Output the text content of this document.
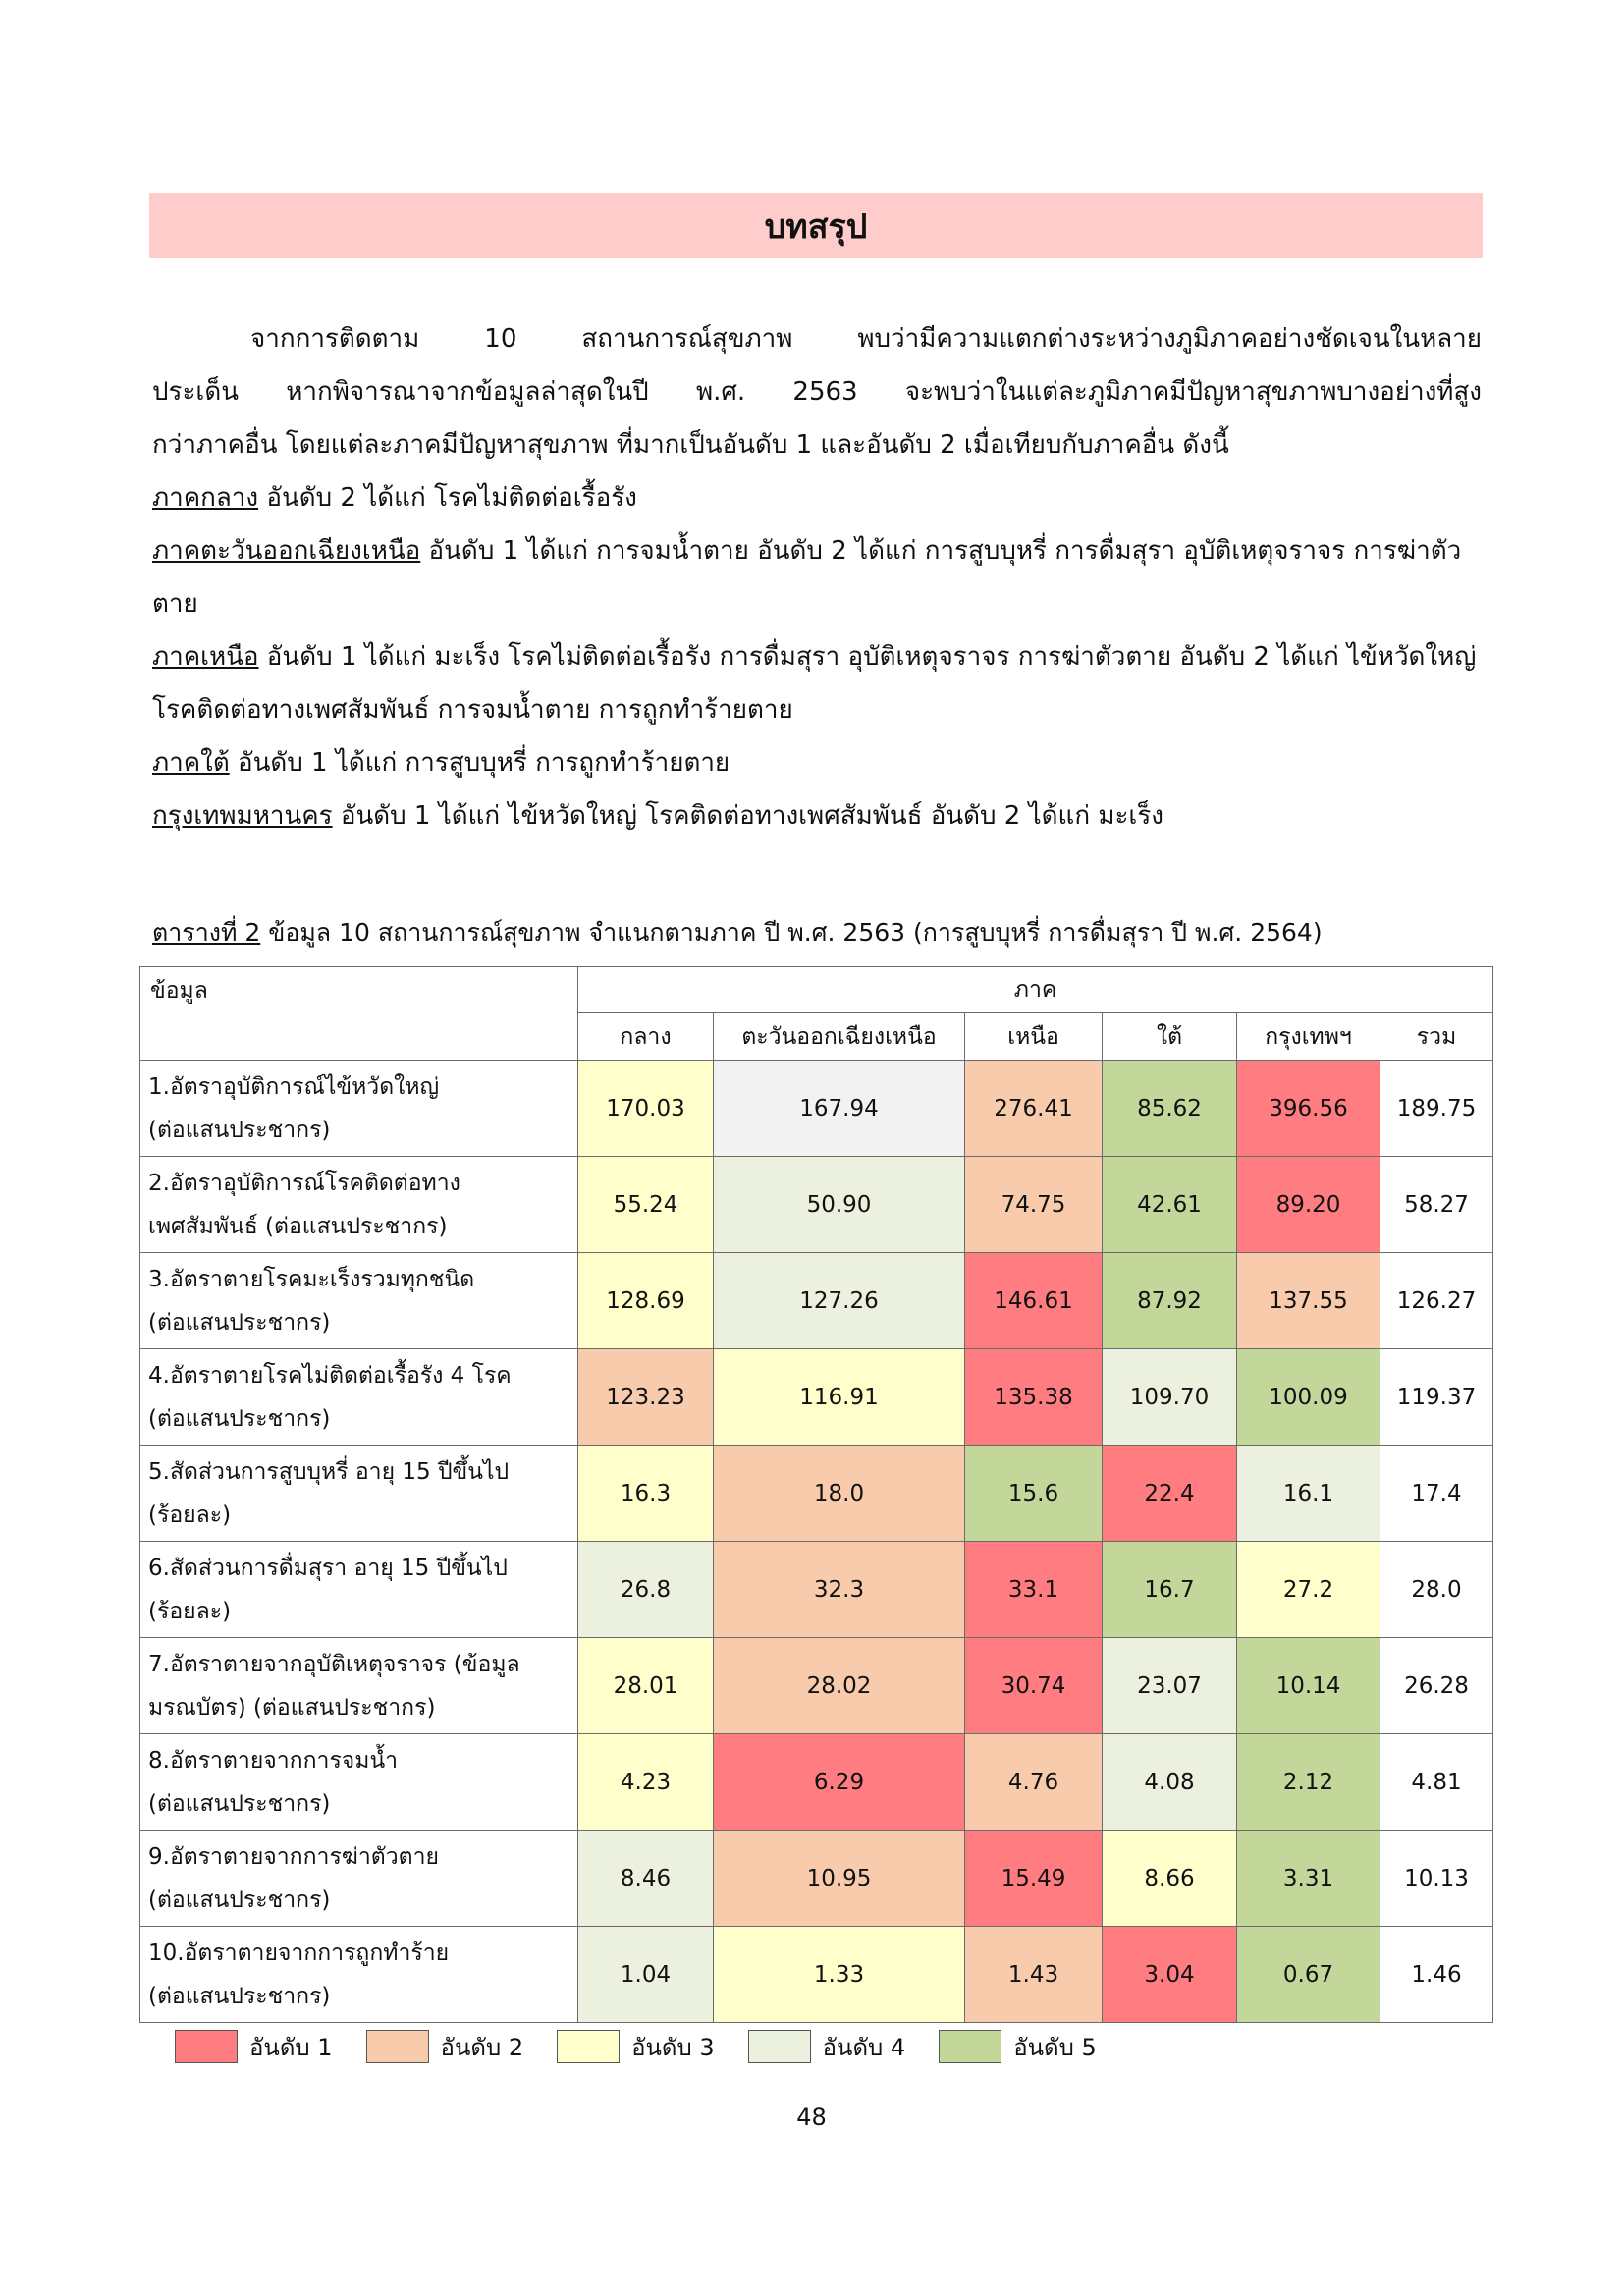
บทสรุป

จากการติดตาม 10 สถานการณ์สุขภาพ พบว่ามีความแตกต่างระหว่างภูมิภาคอย่างชัดเจนในหลาย

ประเด็น หากพิจารณาจากข้อมูลล่าสุดในปี พ.ศ. 2563 จะพบว่าในแต่ละภูมิภาคมีปัญหาสุขภาพบางอย่างที่สูง

กว่าภาคอื่น โดยแต่ละภาคมีปัญหาสุขภาพ ที่มากเป็นอันดับ 1 และอันดับ 2 เมื่อเทียบกับภาคอื่น ดังนี้

ภาคกลาง อันดับ 2 ได้แก่ โรคไม่ติดต่อเรื้อรัง

ภาคตะวันออกเฉียงเหนือ อันดับ 1 ได้แก่ การจมน้ำตาย อันดับ 2 ได้แก่ การสูบบุหรี่ การดื่มสุรา อุบัติเหตุจราจร การฆ่าตัวตาย

ภาคเหนือ อันดับ 1 ได้แก่ มะเร็ง โรคไม่ติดต่อเรื้อรัง การดื่มสุรา อุบัติเหตุจราจร การฆ่าตัวตาย อันดับ 2 ได้แก่ ไข้หวัดใหญ่ โรคติดต่อทางเพศสัมพันธ์ การจมน้ำตาย การถูกทำร้ายตาย

ภาคใต้ อันดับ 1 ได้แก่ การสูบบุหรี่ การถูกทำร้ายตาย

กรุงเทพมหานคร อันดับ 1 ได้แก่ ไข้หวัดใหญ่ โรคติดต่อทางเพศสัมพันธ์ อันดับ 2 ได้แก่ มะเร็ง

ตารางที่ 2 ข้อมูล 10 สถานการณ์สุขภาพ จำแนกตามภาค ปี พ.ศ. 2563 (การสูบบุหรี่ การดื่มสุรา ปี พ.ศ. 2564)
ข้อมูล	ภาค					
	กลาง	ตะวันออกเฉียงเหนือ	เหนือ	ใต้	กรุงเทพฯ	รวม
1.อัตราอุบัติการณ์ไข้หวัดใหญ่
(ต่อแสนประชากร)	170.03	167.94	276.41	85.62	396.56	189.75
2.อัตราอุบัติการณ์โรคติดต่อทาง
เพศสัมพันธ์ (ต่อแสนประชากร)	55.24	50.90	74.75	42.61	89.20	58.27
3.อัตราตายโรคมะเร็งรวมทุกชนิด
(ต่อแสนประชากร)	128.69	127.26	146.61	87.92	137.55	126.27
4.อัตราตายโรคไม่ติดต่อเรื้อรัง 4 โรค
(ต่อแสนประชากร)	123.23	116.91	135.38	109.70	100.09	119.37
5.สัดส่วนการสูบบุหรี่ อายุ 15 ปีขึ้นไป
(ร้อยละ)	16.3	18.0	15.6	22.4	16.1	17.4
6.สัดส่วนการดื่มสุรา อายุ 15 ปีขึ้นไป
(ร้อยละ)	26.8	32.3	33.1	16.7	27.2	28.0
7.อัตราตายจากอุบัติเหตุจราจร (ข้อมูล
มรณบัตร) (ต่อแสนประชากร)	28.01	28.02	30.74	23.07	10.14	26.28
8.อัตราตายจากการจมน้ำ
(ต่อแสนประชากร)	4.23	6.29	4.76	4.08	2.12	4.81
9.อัตราตายจากการฆ่าตัวตาย
(ต่อแสนประชากร)	8.46	10.95	15.49	8.66	3.31	10.13
10.อัตราตายจากการถูกทำร้าย
(ต่อแสนประชากร)	1.04	1.33	1.43	3.04	0.67	1.46
อันดับ 1	อันดับ 2	อันดับ 3	อันดับ 4	อันดับ 5
48
